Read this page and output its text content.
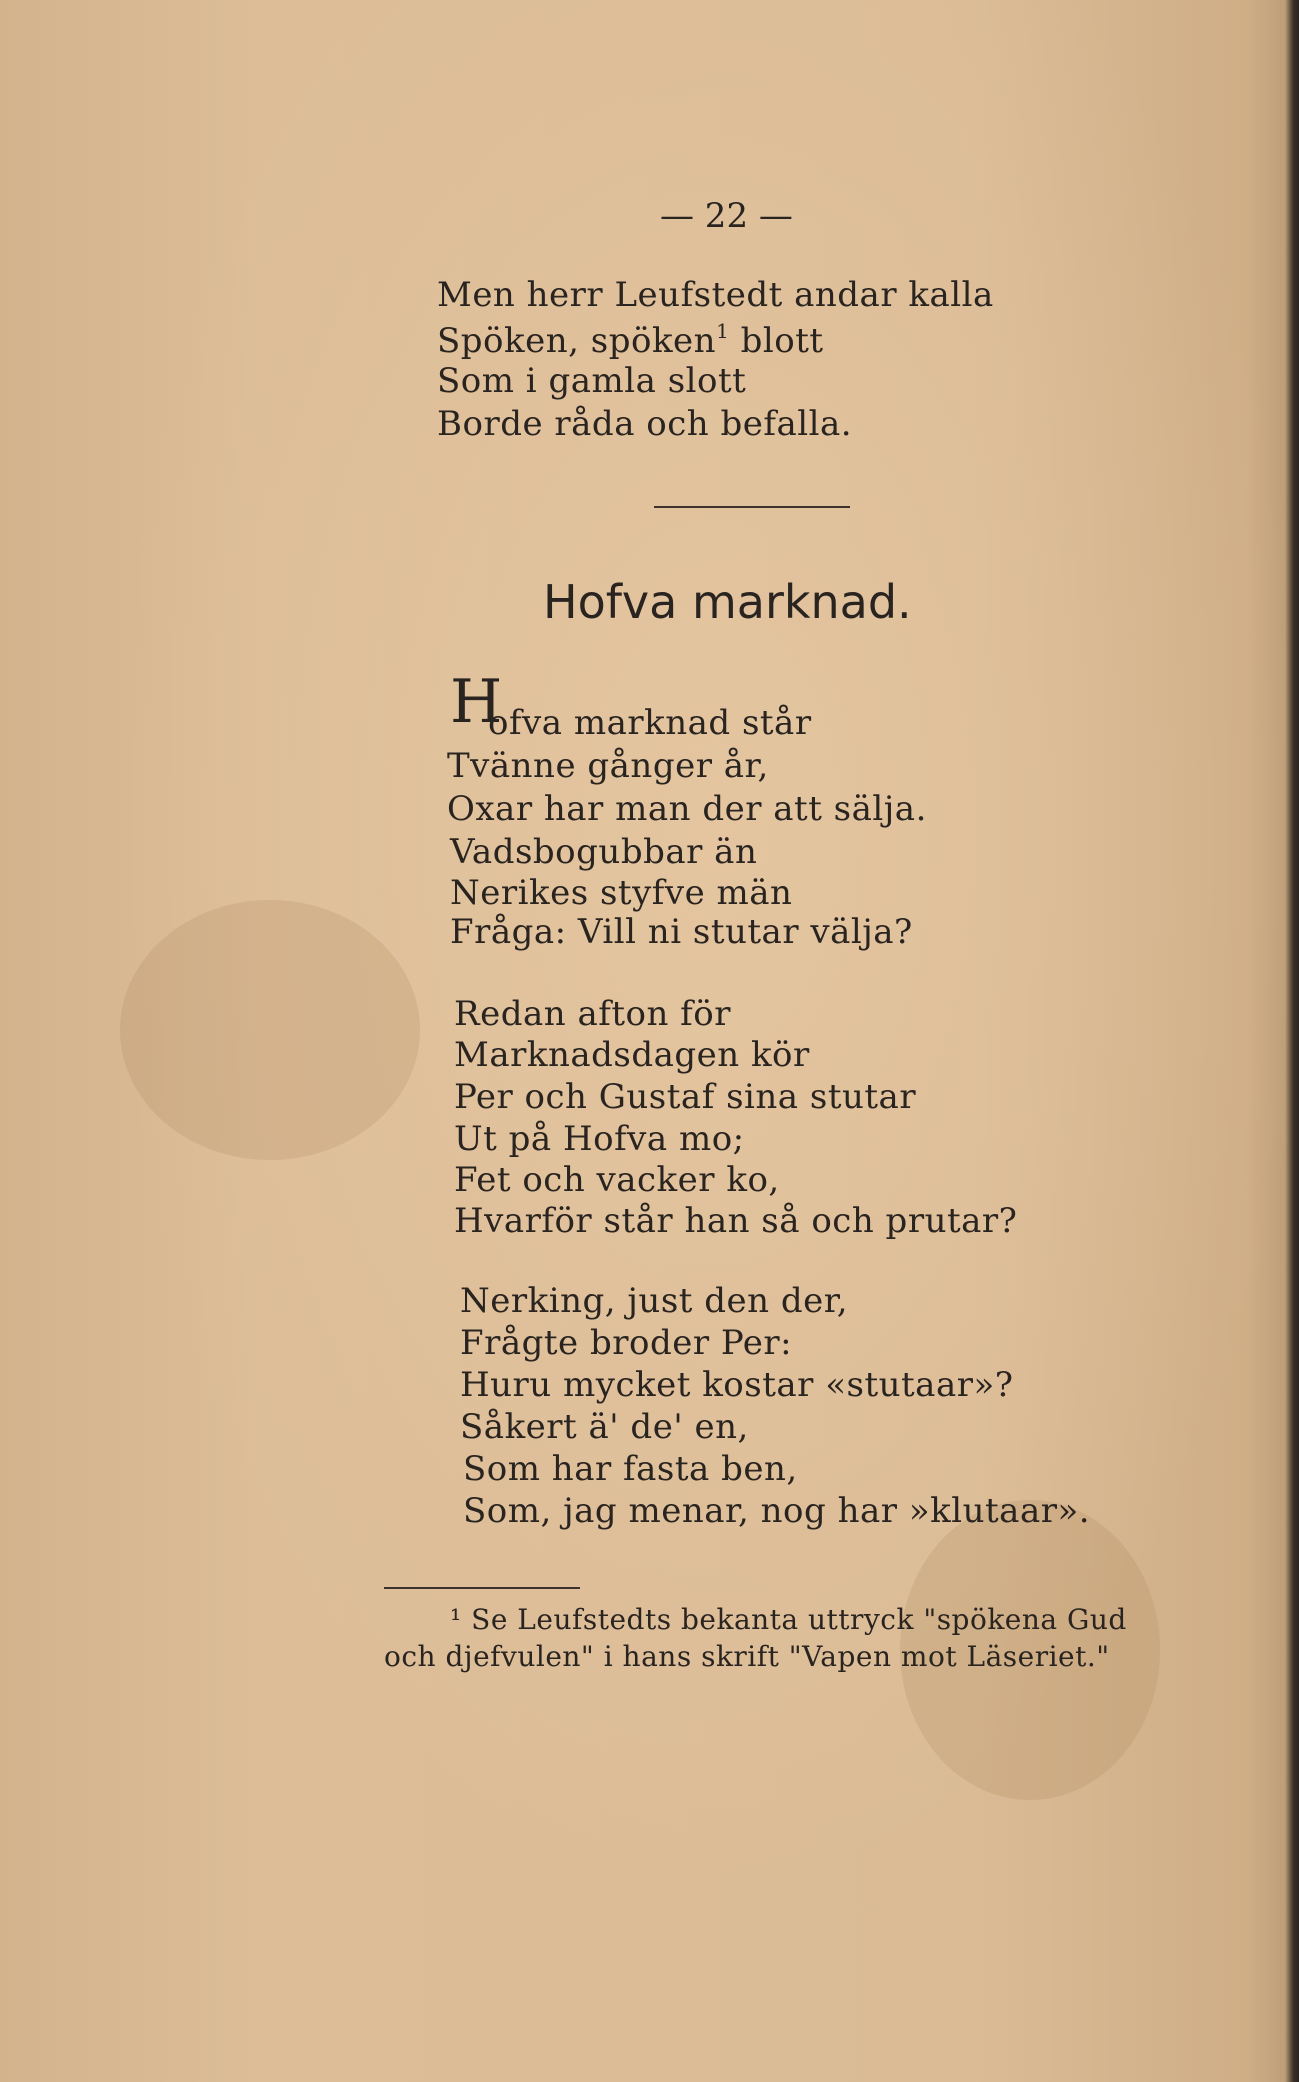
— 22 —
Men herr Leufstedt andar kalla
Spöken, spöken$^1$ blott
Som i gamla slott
Borde råda och befalla.
Hofva marknad.
H
ofva marknad står
Tvänne gånger år,
Oxar har man der att sälja.
Vadsbogubbar än
Nerikes styfve män
Fråga: Vill ni stutar välja?
Redan afton för
Marknadsdagen kör
Per och Gustaf sina stutar
Ut på Hofva mo;
Fet och vacker ko,
Hvarför står han så och prutar?
Nerking, just den der,
Frågte broder Per:
Huru mycket kostar «stutaar»?
Såkert ä' de' en,
Som har fasta ben,
Som, jag menar, nog har »klutaar».
¹ Se Leufstedts bekanta uttryck "spökena Gud
och djefvulen" i hans skrift "Vapen mot Läseriet."
